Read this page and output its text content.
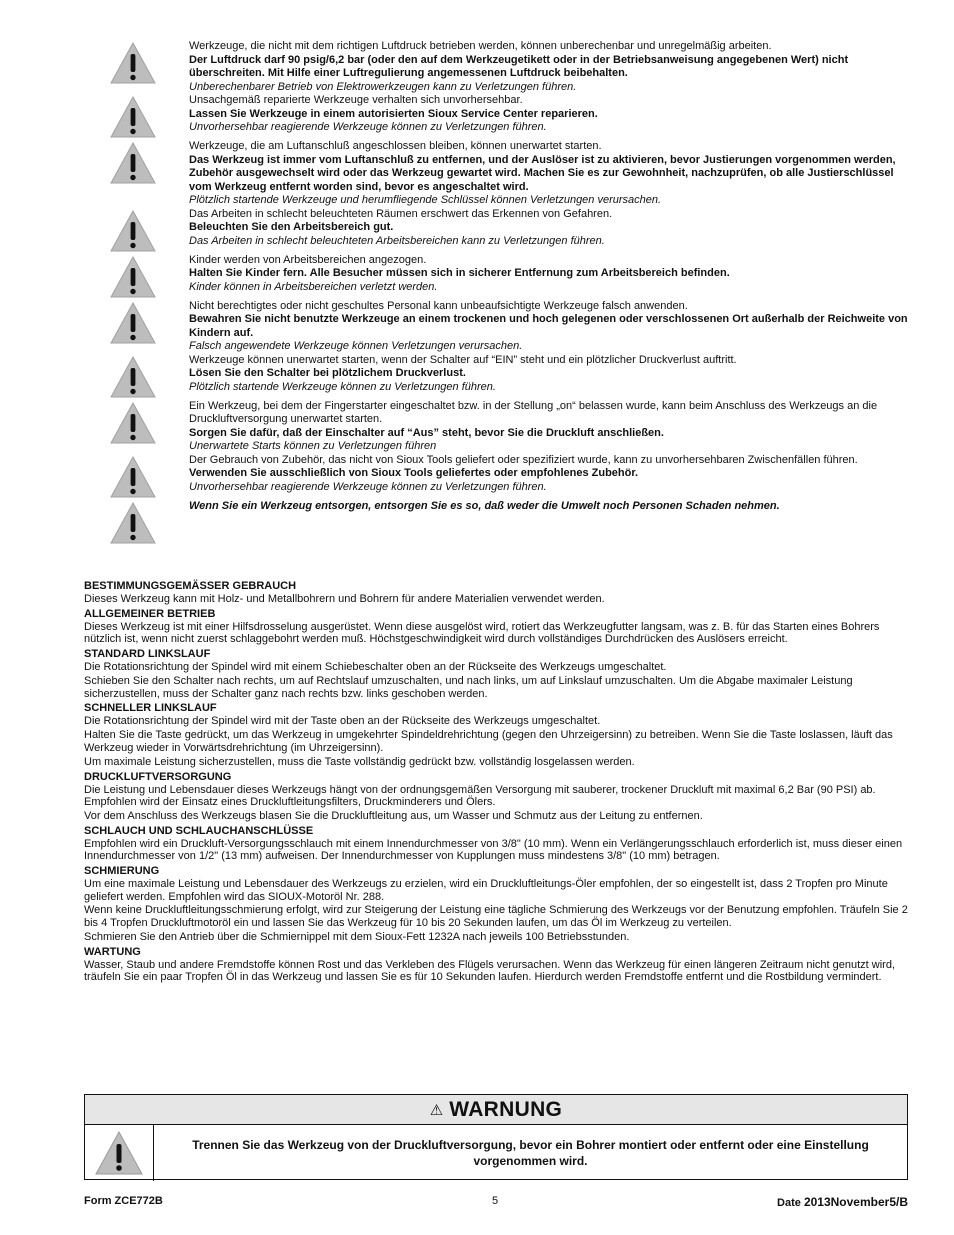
Werkzeuge, die nicht mit dem richtigen Luftdruck betrieben werden, können unberechenbar und unregelmäßig arbeiten.

Der Luftdruck darf 90 psig/6,2 bar (oder den auf dem Werkzeugetikett oder in der Betriebsanweisung angegebenen Wert) nicht überschreiten. Mit Hilfe einer Luftregulierung angemessenen Luftdruck beibehalten.

Unberechenbarer Betrieb von Elektrowerkzeugen kann zu Verletzungen führen.

Unsachgemäß reparierte Werkzeuge verhalten sich unvorhersehbar.

Lassen Sie Werkzeuge in einem autorisierten Sioux Service Center reparieren.

Unvorhersehbar reagierende Werkzeuge können zu Verletzungen führen.

Werkzeuge, die am Luftanschluß angeschlossen bleiben, können unerwartet starten.

Das Werkzeug ist immer vom Luftanschluß zu entfernen, und der Auslöser ist zu aktivieren, bevor Justierungen vorgenommen werden, Zubehör ausgewechselt wird oder das Werkzeug gewartet wird. Machen Sie es zur Gewohnheit, nachzuprüfen, ob alle Justierschlüssel vom Werkzeug entfernt worden sind, bevor es angeschaltet wird.

Plötzlich startende Werkzeuge und herumfliegende Schlüssel können Verletzungen verursachen.

Das Arbeiten in schlecht beleuchteten Räumen erschwert das Erkennen von Gefahren.

Beleuchten Sie den Arbeitsbereich gut.

Das Arbeiten in schlecht beleuchteten Arbeitsbereichen kann zu Verletzungen führen.

Kinder werden von Arbeitsbereichen angezogen.

Halten Sie Kinder fern. Alle Besucher müssen sich in sicherer Entfernung zum Arbeitsbereich befinden.

Kinder können in Arbeitsbereichen verletzt werden.

Nicht berechtigtes oder nicht geschultes Personal kann unbeaufsichtigte Werkzeuge falsch anwenden.

Bewahren Sie nicht benutzte Werkzeuge an einem trockenen und hoch gelegenen oder verschlossenen Ort außerhalb der Reichweite von Kindern auf.

Falsch angewendete Werkzeuge können Verletzungen verursachen.

Werkzeuge können unerwartet starten, wenn der Schalter auf “EIN” steht und ein plötzlicher Druckverlust auftritt.

Lösen Sie den Schalter bei plötzlichem Druckverlust.

Plötzlich startende Werkzeuge können zu Verletzungen führen.

Ein Werkzeug, bei dem der Fingerstarter eingeschaltet bzw. in der Stellung „on“ belassen wurde, kann beim Anschluss des Werkzeugs an die Druckluftversorgung unerwartet starten.

Sorgen Sie dafür, daß der Einschalter auf “Aus” steht, bevor Sie die Druckluft anschließen.

Unerwartete Starts können zu Verletzungen führen

Der Gebrauch von Zubehör, das nicht von Sioux Tools geliefert oder spezifiziert wurde, kann zu unvorhersehbaren Zwischenfällen führen.

Verwenden Sie ausschließlich von Sioux Tools geliefertes oder empfohlenes Zubehör.

Unvorhersehbar reagierende Werkzeuge können zu Verletzungen führen.

Wenn Sie ein Werkzeug entsorgen, entsorgen Sie es so, daß weder die Umwelt noch Personen Schaden nehmen.

BESTIMMUNGSGEMÄSSER GEBRAUCH

Dieses Werkzeug kann mit Holz- und Metallbohrern und Bohrern für andere Materialien verwendet werden.

ALLGEMEINER BETRIEB

Dieses Werkzeug ist mit einer Hilfsdrosselung ausgerüstet. Wenn diese ausgelöst wird, rotiert das Werkzeugfutter langsam, was z. B. für das Starten eines Bohrers nützlich ist, wenn nicht zuerst schlaggebohrt werden muß. Höchstgeschwindigkeit wird durch vollständiges Durchdrücken des Auslösers erreicht.

STANDARD LINKSLAUF

Die Rotationsrichtung der Spindel wird mit einem Schiebeschalter oben an der Rückseite des Werkzeugs umgeschaltet.

Schieben Sie den Schalter nach rechts, um auf Rechtslauf umzuschalten, und nach links, um auf Linkslauf umzuschalten. Um die Abgabe maximaler Leistung sicherzustellen, muss der Schalter ganz nach rechts bzw. links geschoben werden.

SCHNELLER LINKSLAUF

Die Rotationsrichtung der Spindel wird mit der Taste oben an der Rückseite des Werkzeugs umgeschaltet.

Halten Sie die Taste gedrückt, um das Werkzeug in umgekehrter Spindeldrehrichtung (gegen den Uhrzeigersinn) zu betreiben. Wenn Sie die Taste loslassen, läuft das Werkzeug wieder in Vorwärtsdrehrichtung (im Uhrzeigersinn).

Um maximale Leistung sicherzustellen, muss die Taste vollständig gedrückt bzw. vollständig losgelassen werden.

DRUCKLUFTVERSORGUNG

Die Leistung und Lebensdauer dieses Werkzeugs hängt von der ordnungsgemäßen Versorgung mit sauberer, trockener Druckluft mit maximal 6,2 Bar (90 PSI) ab. Empfohlen wird der Einsatz eines Druckluftleitungsfilters, Druckminderers und Ölers.

Vor dem Anschluss des Werkzeugs blasen Sie die Druckluftleitung aus, um Wasser und Schmutz aus der Leitung zu entfernen.

SCHLAUCH UND SCHLAUCHANSCHLÜSSE

Empfohlen wird ein Druckluft-Versorgungsschlauch mit einem Innendurchmesser von 3/8" (10 mm). Wenn ein Verlängerungsschlauch erforderlich ist, muss dieser einen Innendurchmesser von 1/2" (13 mm) aufweisen. Der Innendurchmesser von Kupplungen muss mindestens 3/8" (10 mm) betragen.

SCHMIERUNG

Um eine maximale Leistung und Lebensdauer des Werkzeugs zu erzielen, wird ein Druckluftleitungs-Öler empfohlen, der so eingestellt ist, dass 2 Tropfen pro Minute geliefert werden. Empfohlen wird das SIOUX-Motoröl Nr. 288.

Wenn keine Druckluftleitungsschmierung erfolgt, wird zur Steigerung der Leistung eine tägliche Schmierung des Werkzeugs vor der Benutzung empfohlen. Träufeln Sie 2 bis 4 Tropfen Druckluftmotoröl ein und lassen Sie das Werkzeug für 10 bis 20 Sekunden laufen, um das Öl im Werkzeug zu verteilen.

Schmieren Sie den Antrieb über die Schmiernippel mit dem Sioux-Fett 1232A nach jeweils 100 Betriebsstunden.

WARTUNG

Wasser, Staub und andere Fremdstoffe können Rost und das Verkleben des Flügels verursachen. Wenn das Werkzeug für einen längeren Zeitraum nicht genutzt wird, träufeln Sie ein paar Tropfen Öl in das Werkzeug und lassen Sie es für 10 Sekunden laufen. Hierdurch werden Fremdstoffe entfernt und die Rostbildung vermindert.

⚠ WARNUNG
Trennen Sie das Werkzeug von der Druckluftversorgung, bevor ein Bohrer montiert oder entfernt oder eine Einstellung vorgenommen wird.
Form ZCE772B	5	Date 2013November5/B
